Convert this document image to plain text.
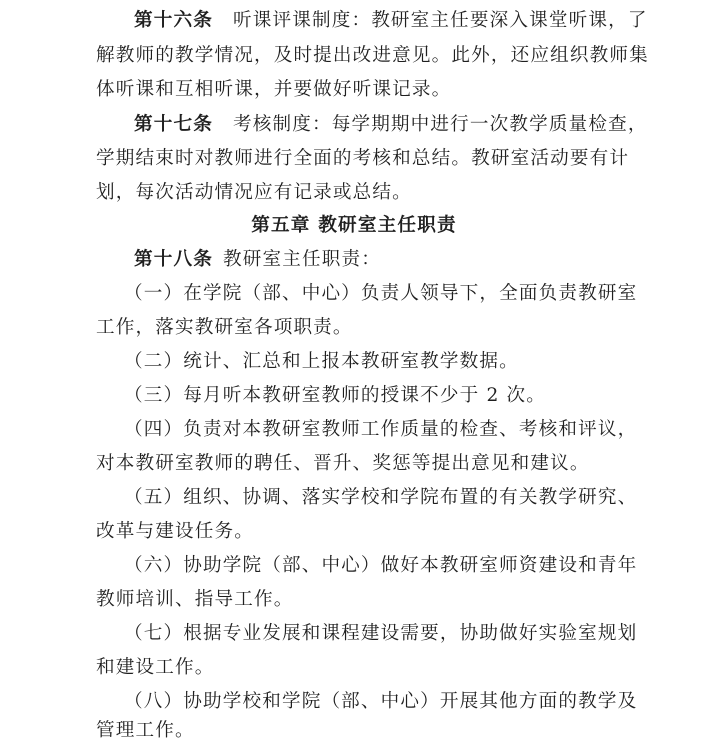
第十六条 听课评课制度：教研室主任要深入课堂听课，了
解教师的教学情况，及时提出改进意见。此外，还应组织教师集
体听课和互相听课，并要做好听课记录。
第十七条 考核制度：每学期期中进行一次教学质量检查，
学期结束时对教师进行全面的考核和总结。教研室活动要有计
划，每次活动情况应有记录或总结。
第五章 教研室主任职责
第十八条 教研室主任职责：
（一）在学院（部、中心）负责人领导下，全面负责教研室
工作，落实教研室各项职责。
（二）统计、汇总和上报本教研室教学数据。
（三）每月听本教研室教师的授课不少于 2 次。
（四）负责对本教研室教师工作质量的检查、考核和评议，
对本教研室教师的聘任、晋升、奖惩等提出意见和建议。
（五）组织、协调、落实学校和学院布置的有关教学研究、
改革与建设任务。
（六）协助学院（部、中心）做好本教研室师资建设和青年
教师培训、指导工作。
（七）根据专业发展和课程建设需要，协助做好实验室规划
和建设工作。
（八）协助学校和学院（部、中心）开展其他方面的教学及
管理工作。
